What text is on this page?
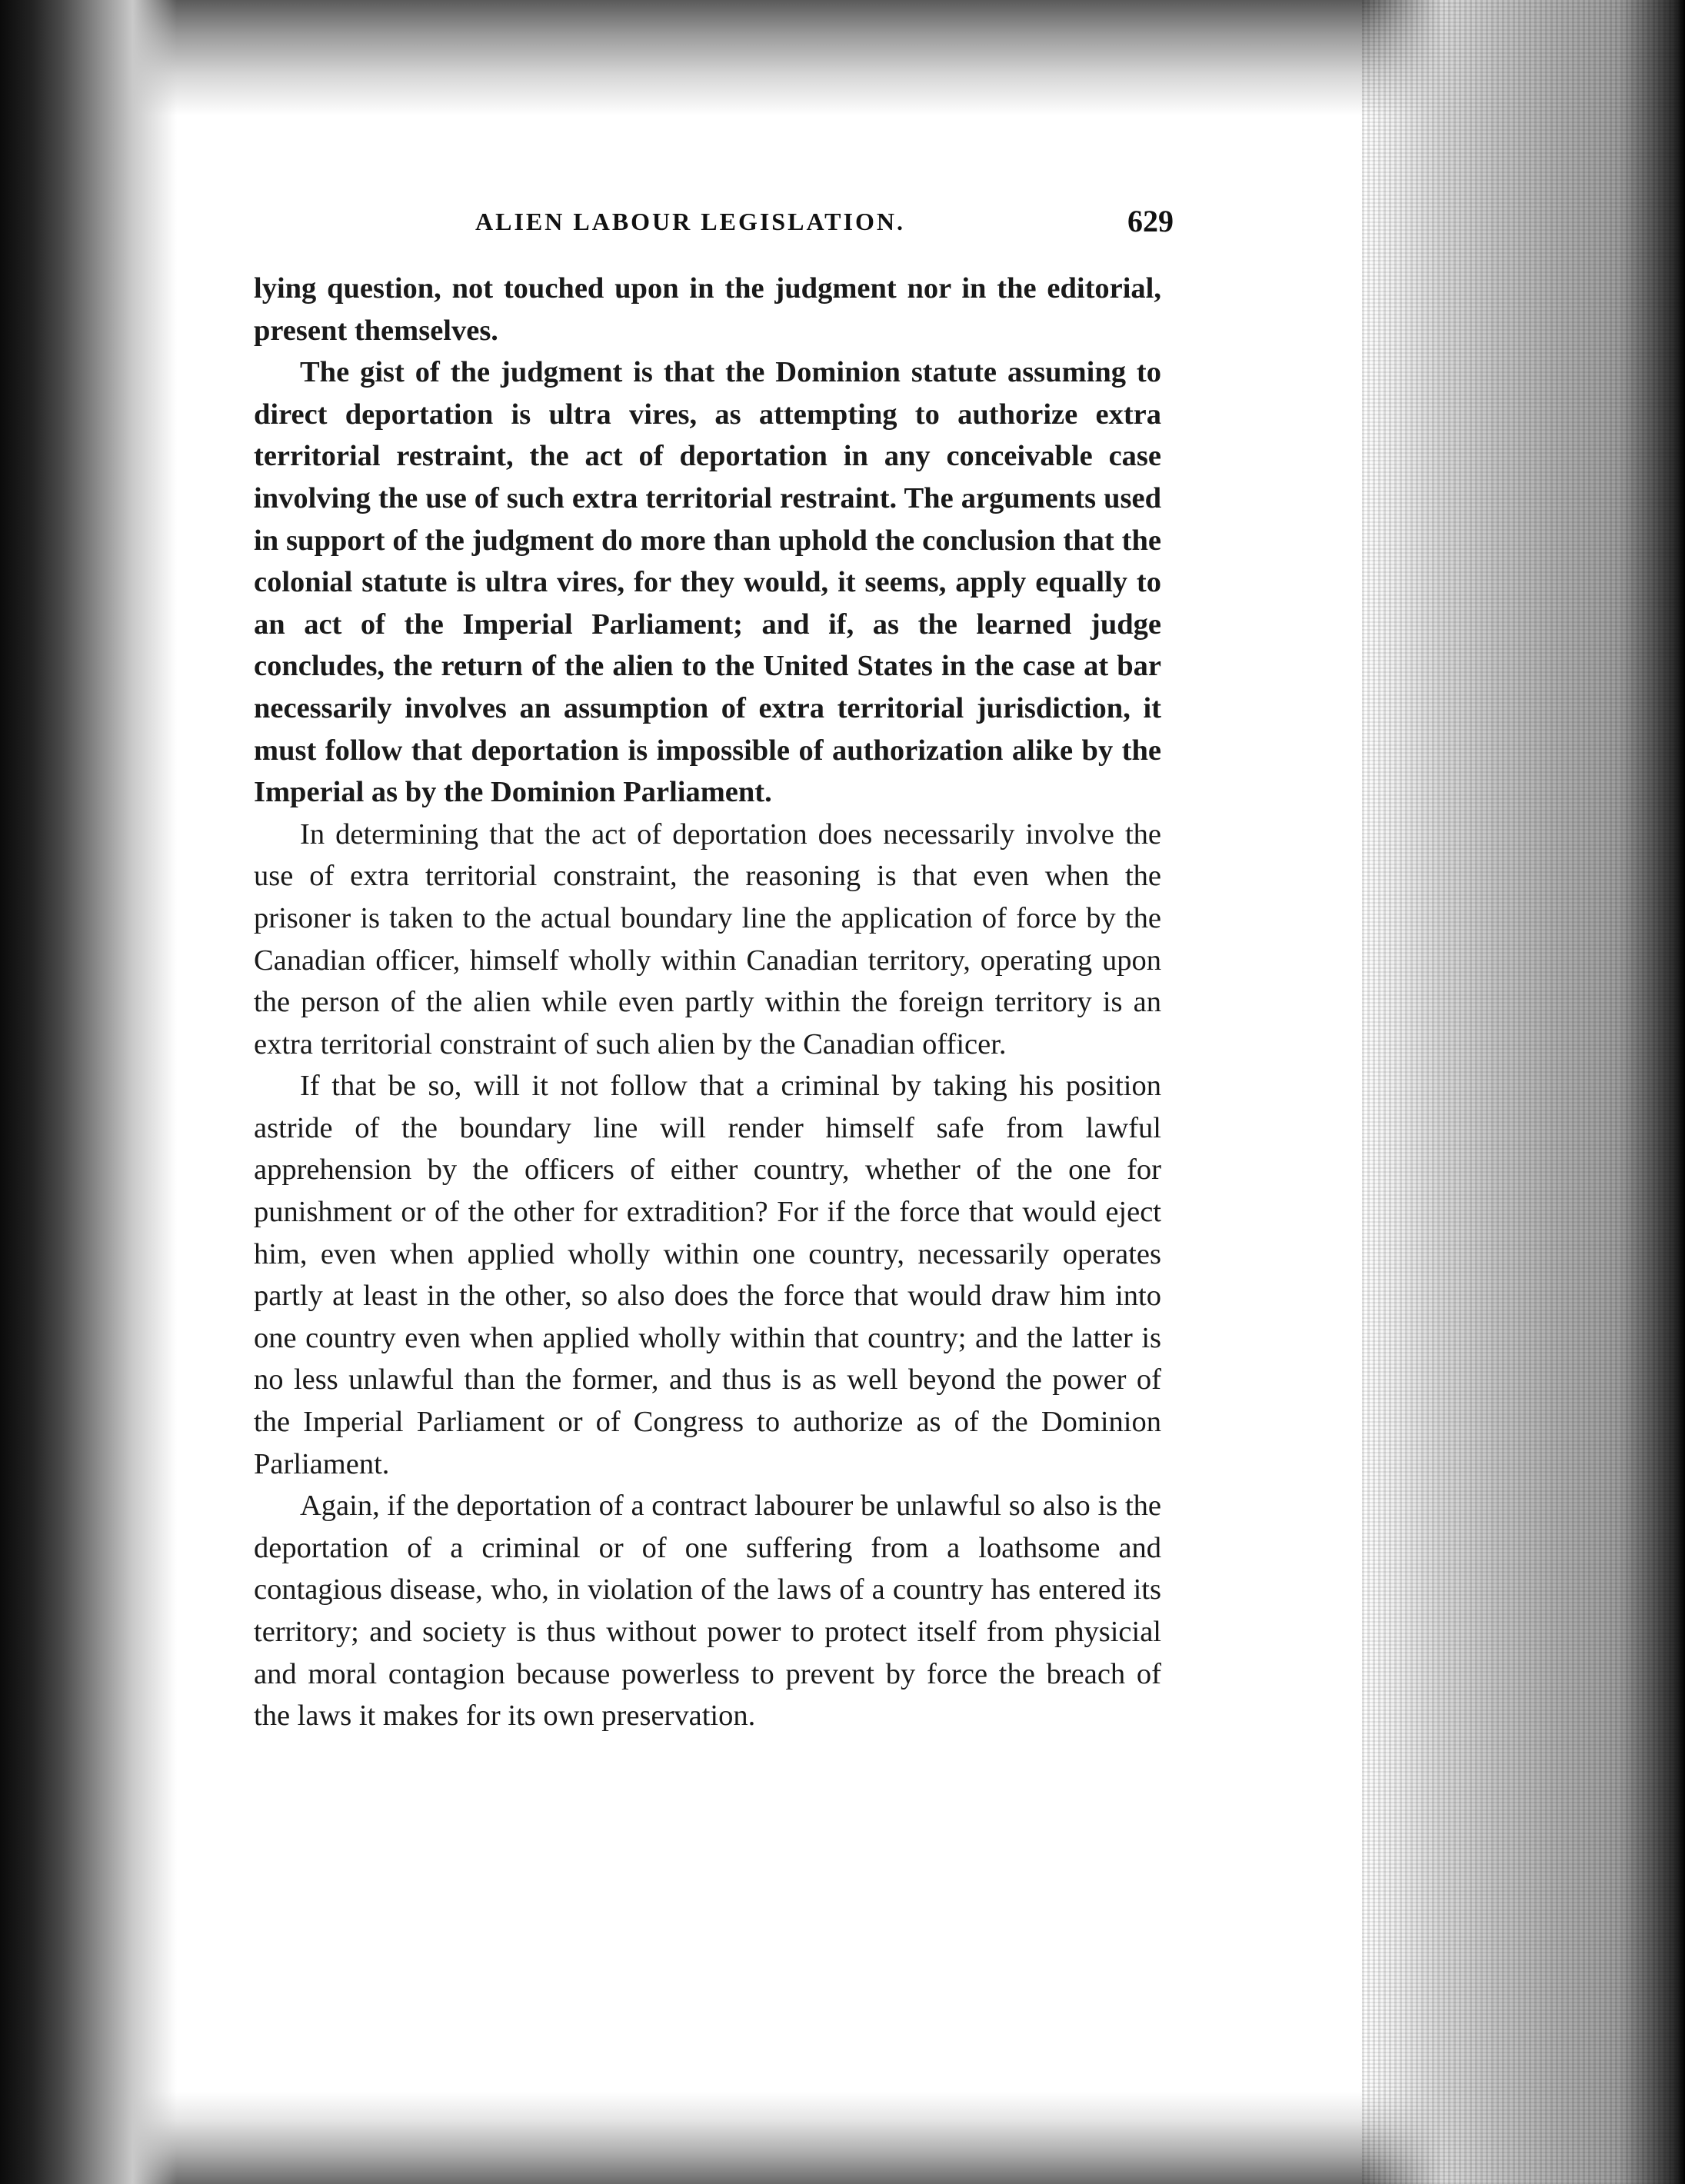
ALIEN LABOUR LEGISLATION.	629

lying question, not touched upon in the judgment nor in the editorial, present themselves.

The gist of the judgment is that the Dominion statute assuming to direct deportation is ultra vires, as attempting to authorize extra territorial restraint, the act of deportation in any conceivable case involving the use of such extra territorial restraint. The arguments used in support of the judgment do more than uphold the conclusion that the colonial statute is ultra vires, for they would, it seems, apply equally to an act of the Imperial Parliament; and if, as the learned judge concludes, the return of the alien to the United States in the case at bar necessarily involves an assumption of extra territorial jurisdiction, it must follow that deportation is impossible of authorization alike by the Imperial as by the Dominion Parliament.

In determining that the act of deportation does necessarily involve the use of extra territorial constraint, the reasoning is that even when the prisoner is taken to the actual boundary line the application of force by the Canadian officer, himself wholly within Canadian territory, operating upon the person of the alien while even partly within the foreign territory is an extra territorial constraint of such alien by the Canadian officer.

If that be so, will it not follow that a criminal by taking his position astride of the boundary line will render himself safe from lawful apprehension by the officers of either country, whether of the one for punishment or of the other for extradition? For if the force that would eject him, even when applied wholly within one country, necessarily operates partly at least in the other, so also does the force that would draw him into one country even when applied wholly within that country; and the latter is no less unlawful than the former, and thus is as well beyond the power of the Imperial Parliament or of Congress to authorize as of the Dominion Parliament.

Again, if the deportation of a contract labourer be unlawful so also is the deportation of a criminal or of one suffering from a loathsome and contagious disease, who, in violation of the laws of a country has entered its territory; and society is thus without power to protect itself from physicial and moral contagion because powerless to prevent by force the breach of the laws it makes for its own preservation.
